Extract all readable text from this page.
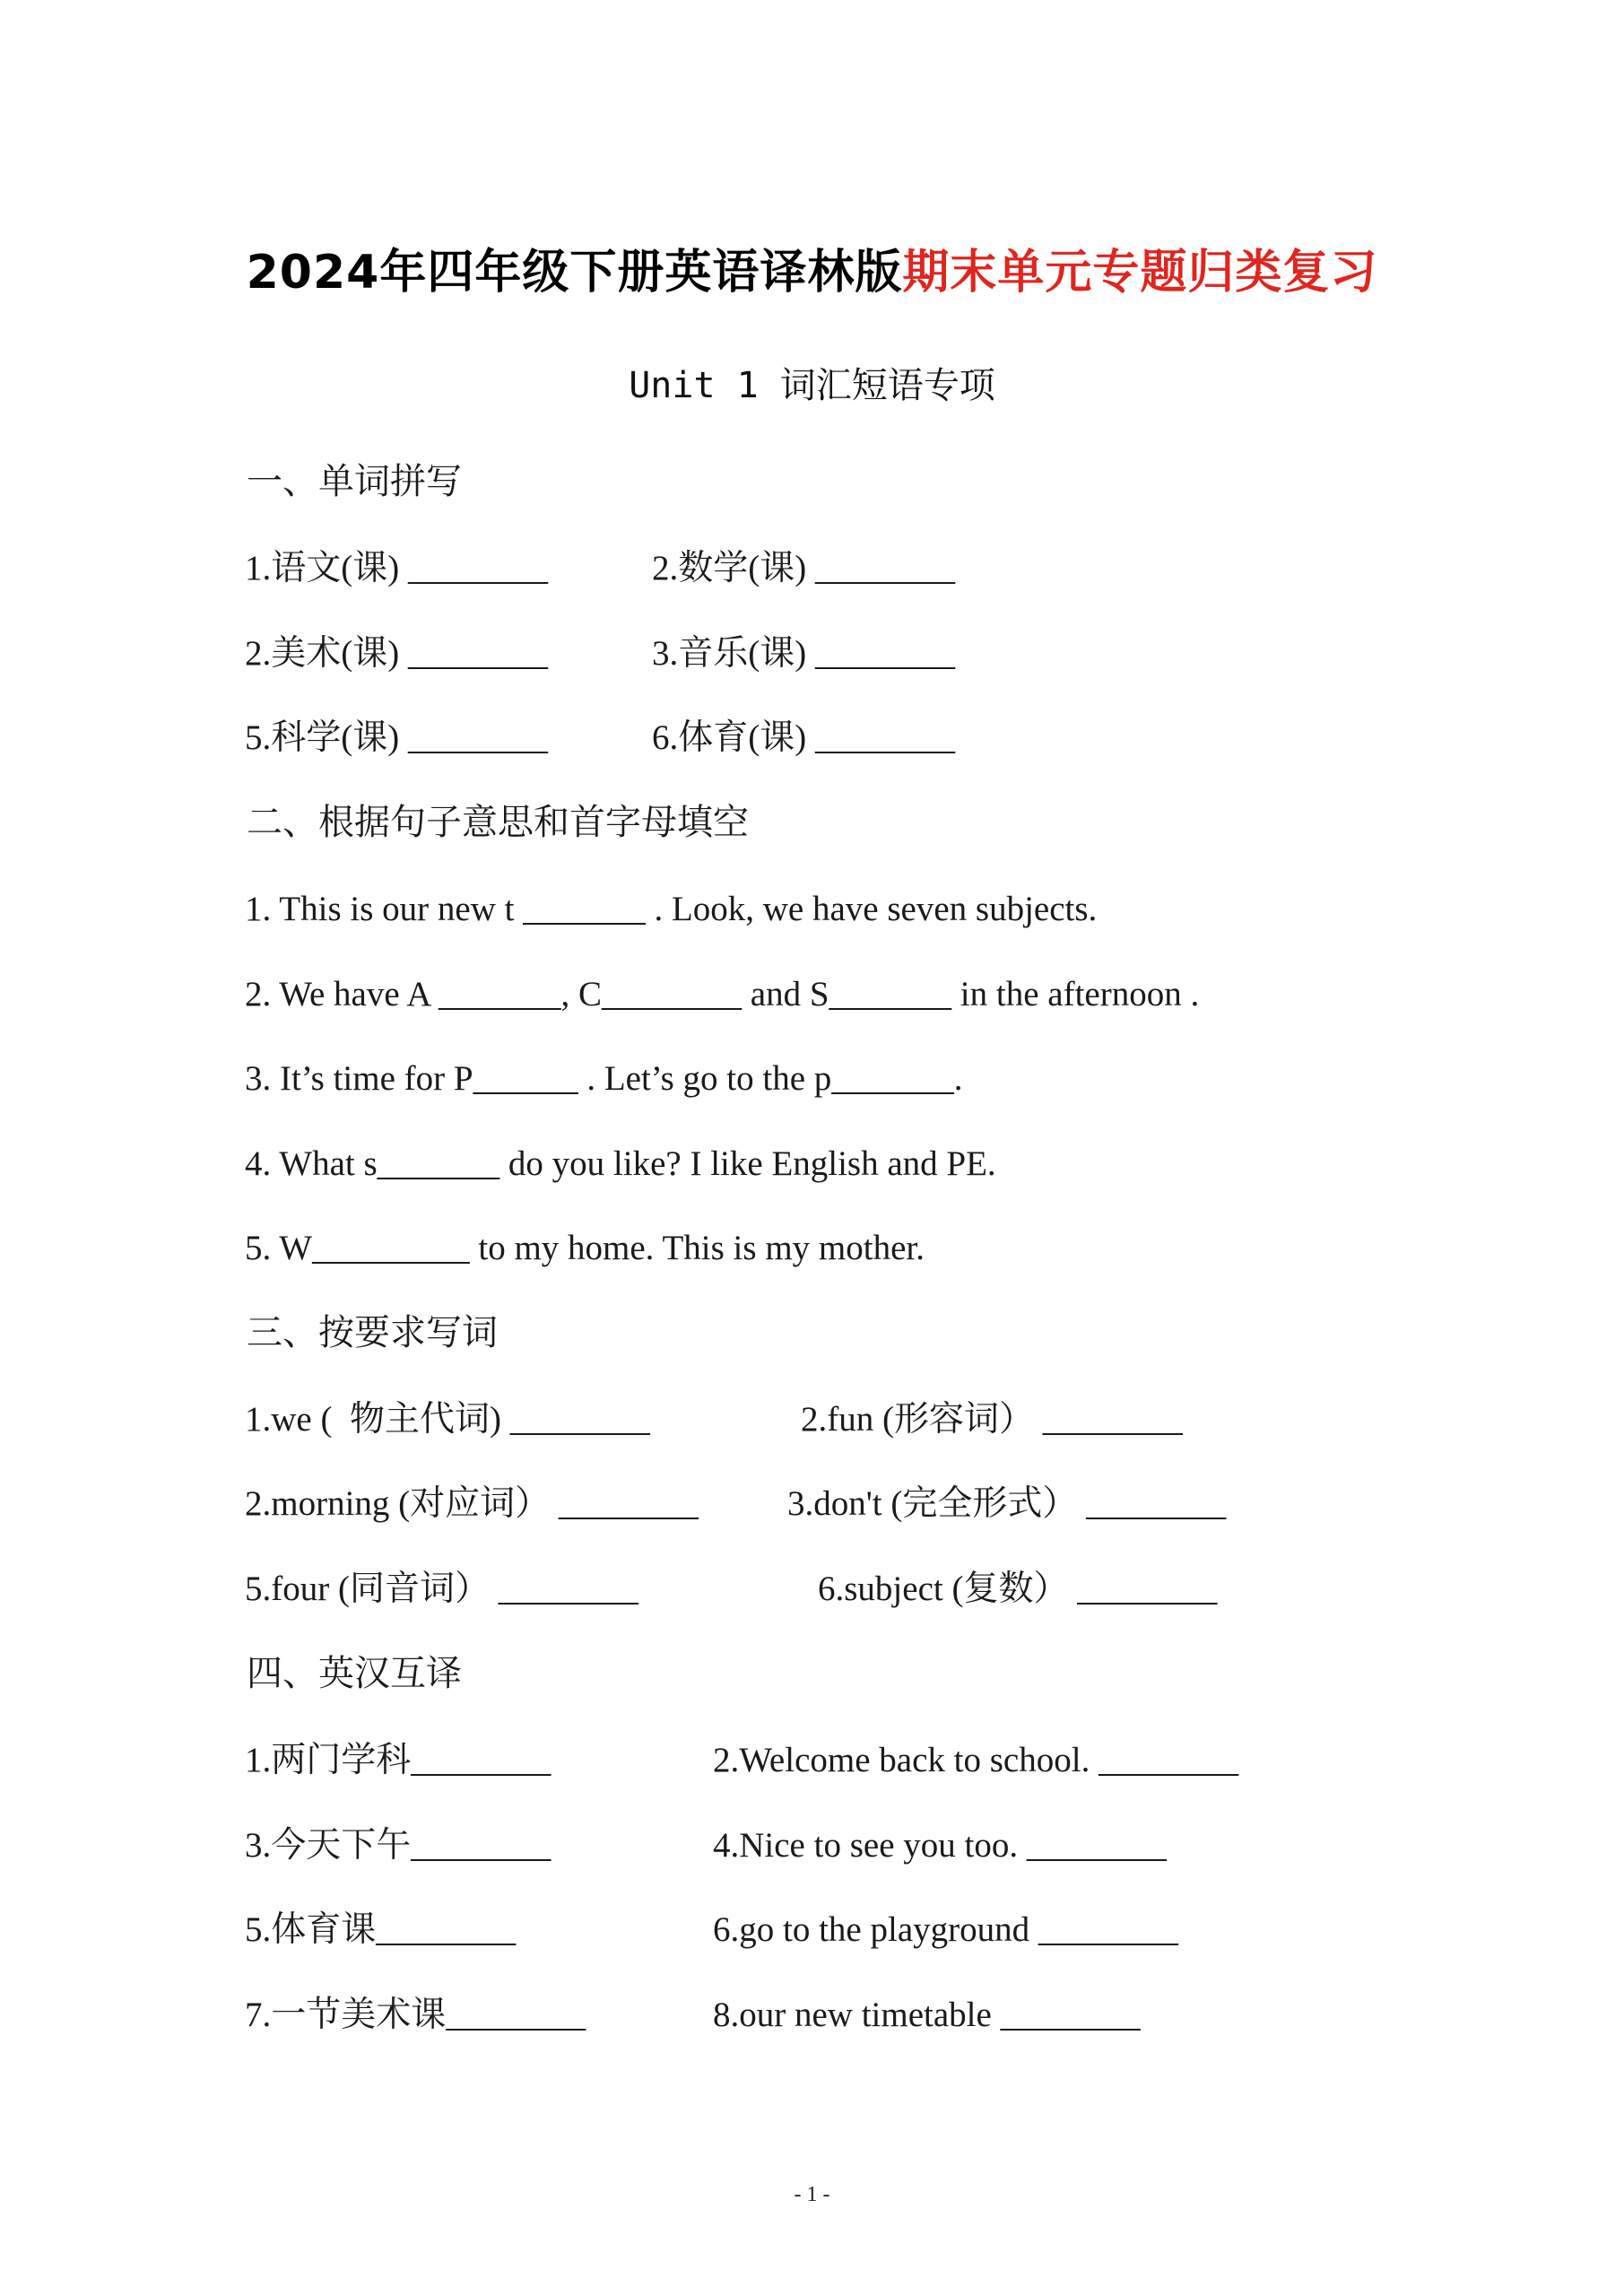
2024年四年级下册英语译林版期末单元专题归类复习
Unit 1 词汇短语专项
一、单词拼写
1.语文(课) ________	2.数学(课) ________
2.美术(课) ________	3.音乐(课) ________
5.科学(课) ________	6.体育(课) ________
二、根据句子意思和首字母填空
1. This is our new t _______ . Look, we have seven subjects.
2. We have A _______, C________ and S_______ in the afternoon .
3. It’s time for P______ . Let’s go to the p_______.
4. What s_______ do you like? I like English and PE.
5. W_________ to my home. This is my mother.
三、按要求写词
1.we (  物主代词) ________	2.fun (形容词） ________
2.morning (对应词） ________	3.don't (完全形式） ________
5.four (同音词） ________	6.subject (复数） ________
四、英汉互译
1.两门学科________	2.Welcome back to school. ________
3.今天下午________	4.Nice to see you too. ________
5.体育课________	6.go to the playground ________
7.一节美术课________	8.our new timetable ________
- 1 -
